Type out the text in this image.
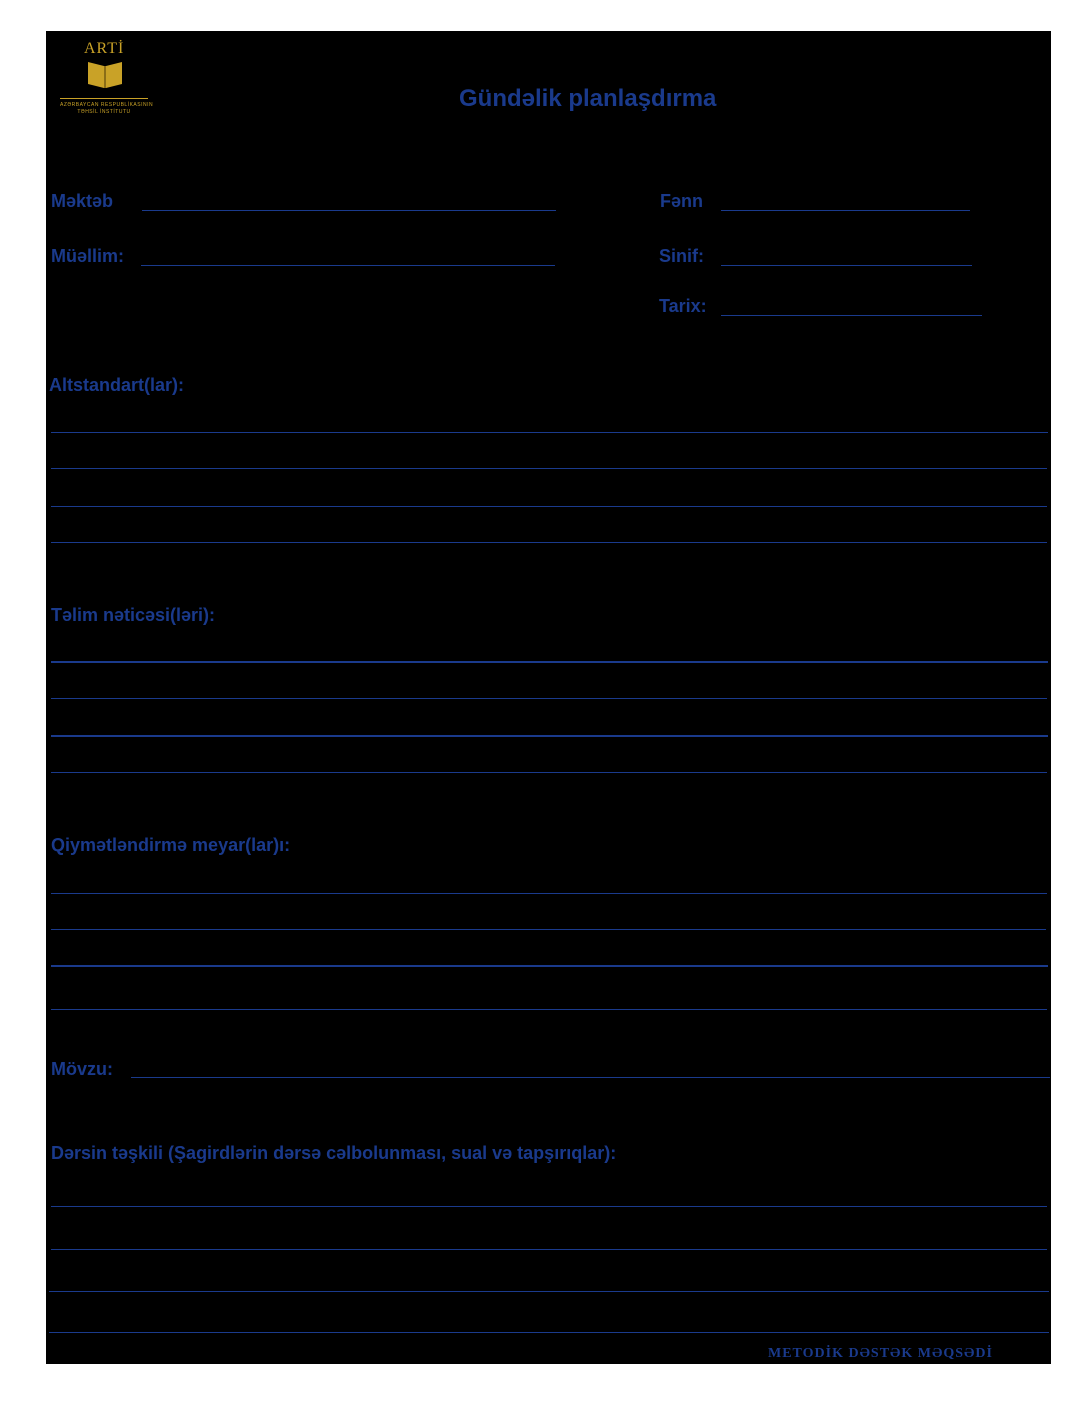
ARTİ
AZƏRBAYCAN RESPUBLİKASININ
TƏHSİL İNSTİTUTU	Gündəlik planlaşdırma
Məktəb	Fənn
Müəllim:	Sinif:
Tarix:
Altstandart(lar):
Təlim nəticəsi(ləri):
Qiymətləndirmə meyar(lar)ı:
Mövzu:
Dərsin təşkili (Şagirdlərin dərsə cəlbolunması, sual və tapşırıqlar):
METODİK DƏSTƏK MƏQSƏDİ
